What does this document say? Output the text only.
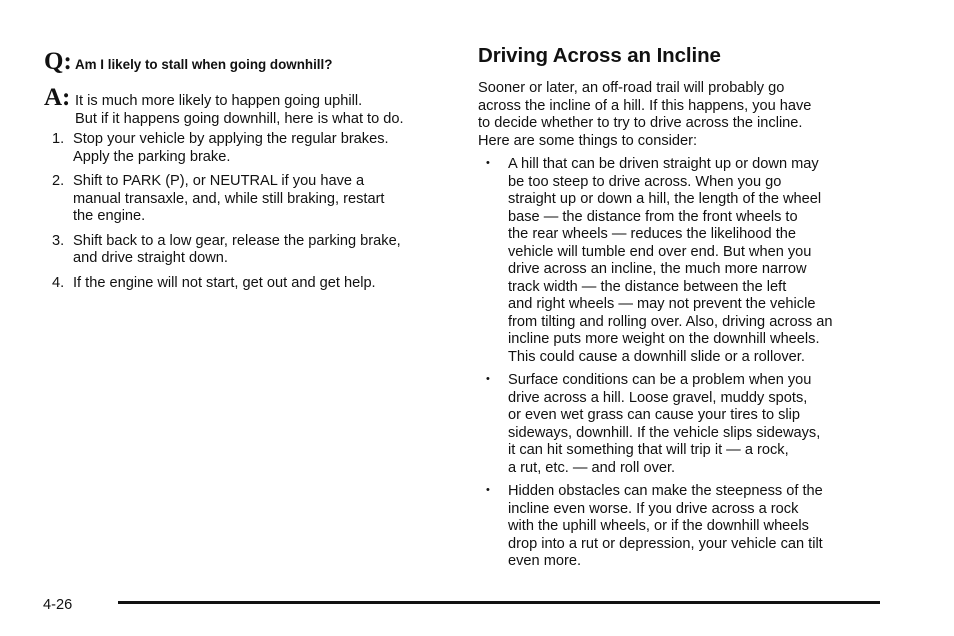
Q: Am I likely to stall when going downhill?
A: It is much more likely to happen going uphill.
But if it happens going downhill, here is what to do.
1. Stop your vehicle by applying the regular brakes.
Apply the parking brake.
2. Shift to PARK (P), or NEUTRAL if you have a
manual transaxle, and, while still braking, restart
the engine.
3. Shift back to a low gear, release the parking brake,
and drive straight down.
4. If the engine will not start, get out and get help.
Driving Across an Incline
Sooner or later, an off-road trail will probably go
across the incline of a hill. If this happens, you have
to decide whether to try to drive across the incline.
Here are some things to consider:
•	A hill that can be driven straight up or down may
be too steep to drive across. When you go
straight up or down a hill, the length of the wheel
base — the distance from the front wheels to
the rear wheels — reduces the likelihood the
vehicle will tumble end over end. But when you
drive across an incline, the much more narrow
track width — the distance between the left
and right wheels — may not prevent the vehicle
from tilting and rolling over. Also, driving across an
incline puts more weight on the downhill wheels.
This could cause a downhill slide or a rollover.
•	Surface conditions can be a problem when you
drive across a hill. Loose gravel, muddy spots,
or even wet grass can cause your tires to slip
sideways, downhill. If the vehicle slips sideways,
it can hit something that will trip it — a rock,
a rut, etc. — and roll over.
•	Hidden obstacles can make the steepness of the
incline even worse. If you drive across a rock
with the uphill wheels, or if the downhill wheels
drop into a rut or depression, your vehicle can tilt
even more.
4-26
